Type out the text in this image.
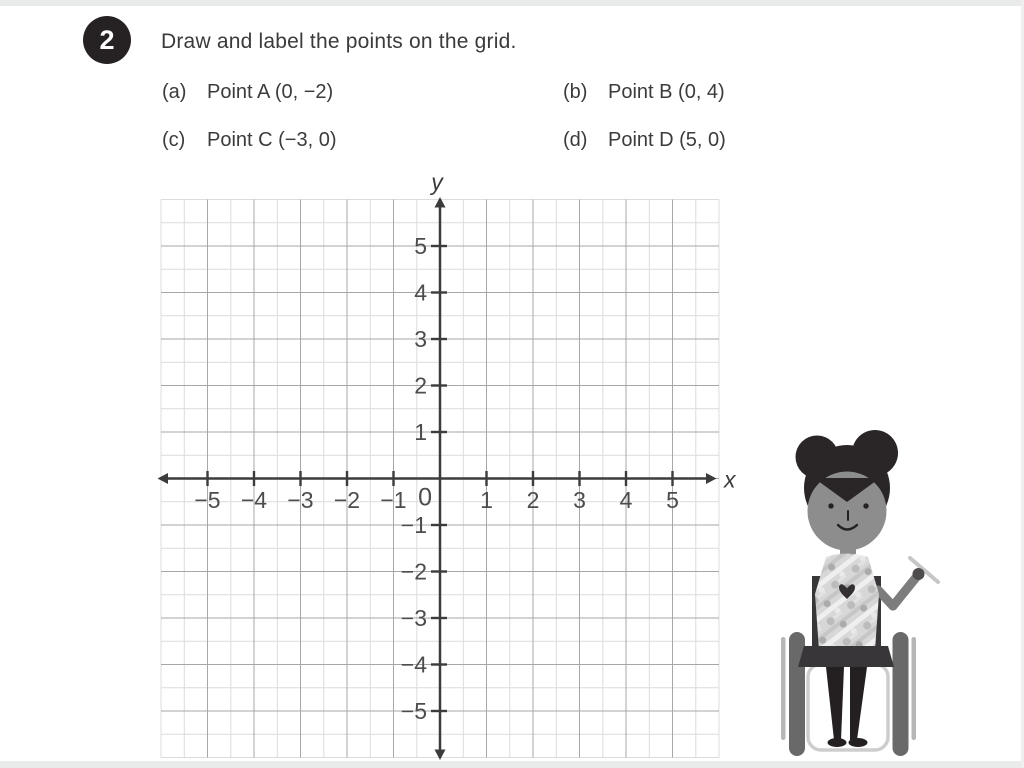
2 Draw and label the points on the grid.
(a) Point A (0, −2)	(b) Point B (0, 4)
(c) Point C (−3, 0)	(d) Point D (5, 0)
−5 −4 −3 −2 −1	1 2 3 4 5
−5
−4
−3
−2
−1
1
2
3
4
5
0
x
y
